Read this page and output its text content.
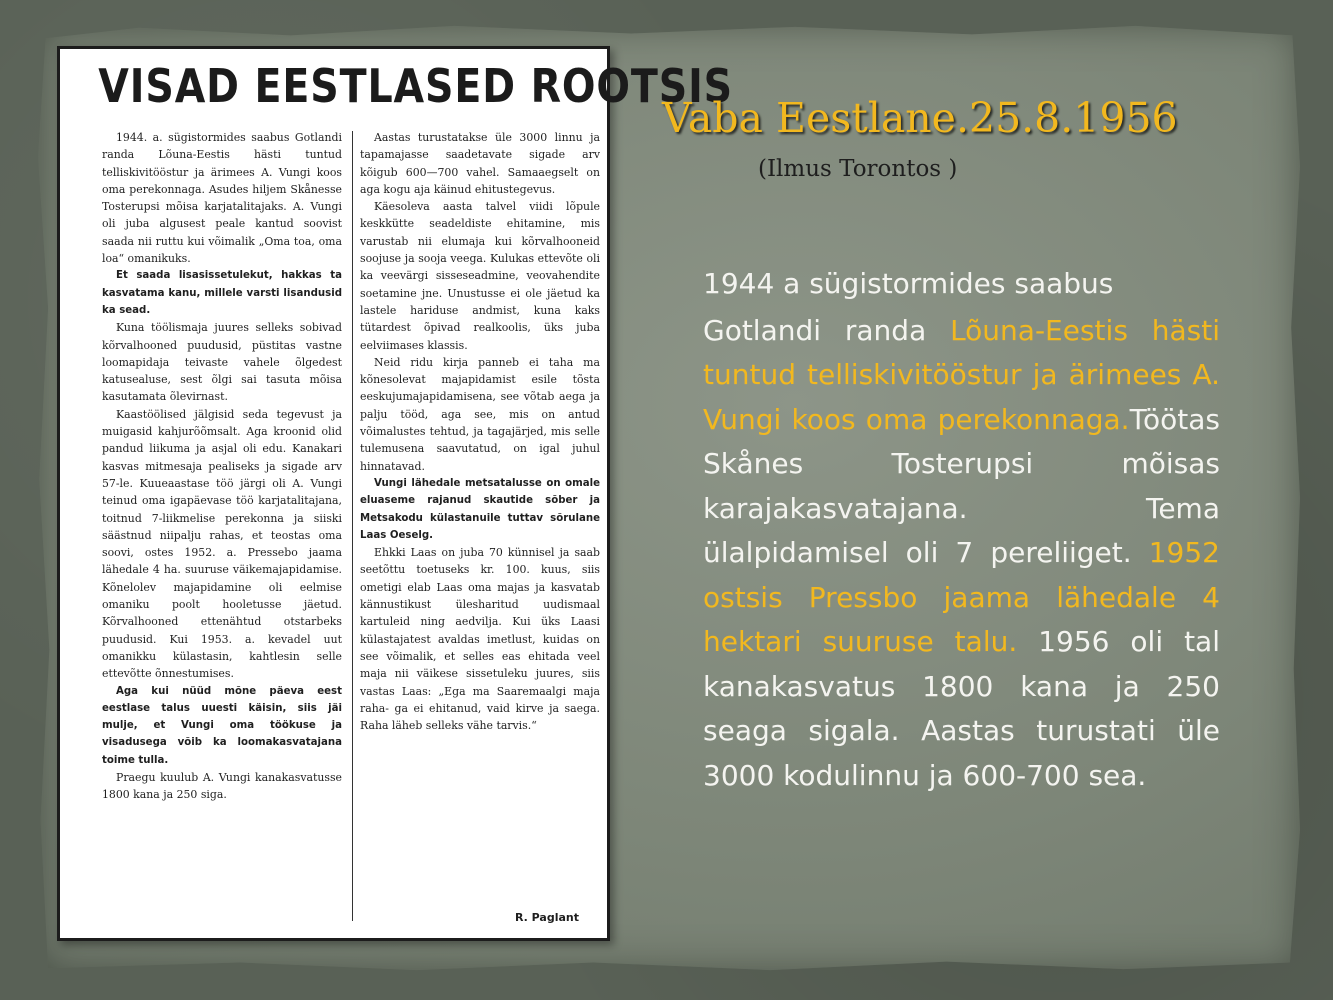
VISAD EESTLASED ROOTSIS

1944. a. sügistormides saabus Gotlandi randa Lõuna-Eestis hästi tuntud telliskivitööstur ja ärimees A. Vungi koos oma perekonnaga. Asudes hiljem Skånesse Tosterupsi mõisa karjatalitajaks. A. Vungi oli juba algusest peale kantud soovist saada nii ruttu kui võimalik „Oma toa, oma loa“ omanikuks.

Et saada lisasissetulekut, hakkas ta kasvatama kanu, millele varsti lisandusid ka sead.

Kuna töölismaja juures selleks sobivad kõrvalhooned puudusid, püstitas vastne loomapidaja teivaste vahele õlgedest katusealuse, sest õlgi sai tasuta mõisa kasutamata õlevirnast.

Kaastöölised jälgisid seda tegevust ja muigasid kahjurõõmsalt. Aga kroonid olid pandud liikuma ja asjal oli edu. Kanakari kasvas mitmesaja pealiseks ja sigade arv 57-le. Kuueaastase töö järgi oli A. Vungi teinud oma igapäevase töö karjatalitajana, toitnud 7-liikmelise perekonna ja siiski säästnud niipalju rahas, et teostas oma soovi, ostes 1952. a. Pressebo jaama lähedale 4 ha. suuruse väikemajapidamise. Kõnelolev majapidamine oli eelmise omaniku poolt hooletusse jäetud. Kõrvalhooned ettenähtud otstarbeks puudusid. Kui 1953. a. kevadel uut omanikku külastasin, kahtlesin selle ettevõtte õnnestumises.

Aga kui nüüd mõne päeva eest eestlase talus uuesti käisin, siis jäi mulje, et Vungi oma töökuse ja visadusega võib ka loomakasvatajana toime tulla.

Praegu kuulub A. Vungi kanakasvatusse 1800 kana ja 250 siga.

Aastas turustatakse üle 3000 linnu ja tapamajasse saadetavate sigade arv kõigub 600—700 vahel. Samaaegselt on aga kogu aja käinud ehitustegevus.

Käesoleva aasta talvel viidi lõpule keskkütte seadeldiste ehitamine, mis varustab nii elumaja kui kõrvalhooneid soojuse ja sooja veega. Kulukas ettevõte oli ka veevärgi sisseseadmine, veovahendite soetamine jne. Unustusse ei ole jäetud ka lastele hariduse andmist, kuna kaks tütardest õpivad realkoolis, üks juba eelviimases klassis.

Neid ridu kirja panneb ei taha ma kõnesolevat majapidamist esile tõsta eeskujumajapidamisena, see võtab aega ja palju tööd, aga see, mis on antud võimalustes tehtud, ja tagajärjed, mis selle tulemusena saavutatud, on igal juhul hinnatavad.

Vungi lähedale metsatalusse on omale eluaseme rajanud skautide sõber ja Metsakodu külastanuile tuttav sõrulane Laas Oeselg.

Ehkki Laas on juba 70 künnisel ja saab seetõttu toetuseks kr. 100. kuus, siis ometigi elab Laas oma majas ja kasvatab kännustikust ülesharitud uudismaal kartuleid ning aedvilja. Kui üks Laasi külastajatest avaldas imetlust, kuidas on see võimalik, et selles eas ehitada veel maja nii väikese sissetuleku juures, siis vastas Laas: „Ega ma Saaremaalgi maja raha- ga ei ehitanud, vaid kirve ja saega. Raha läheb selleks vähe tarvis.“

R. Paglant
Vaba Eestlane.25.8.1956
(Ilmus Torontos )
1944 a sügistormides saabus
Gotlandi randa Lõuna-Eestis hästi tuntud telliskivitööstur ja ärimees A. Vungi koos oma perekonnaga.Töötas Skånes Tosterupsi mõisas karajakasvatajana. Tema ülalpidamisel oli 7 pereliiget. 1952 ostsis Pressbo jaama lähedale 4 hektari suuruse talu. 1956 oli tal kanakasvatus 1800 kana ja 250 seaga sigala. Aastas turustati üle 3000 kodulinnu ja 600-700 sea.
